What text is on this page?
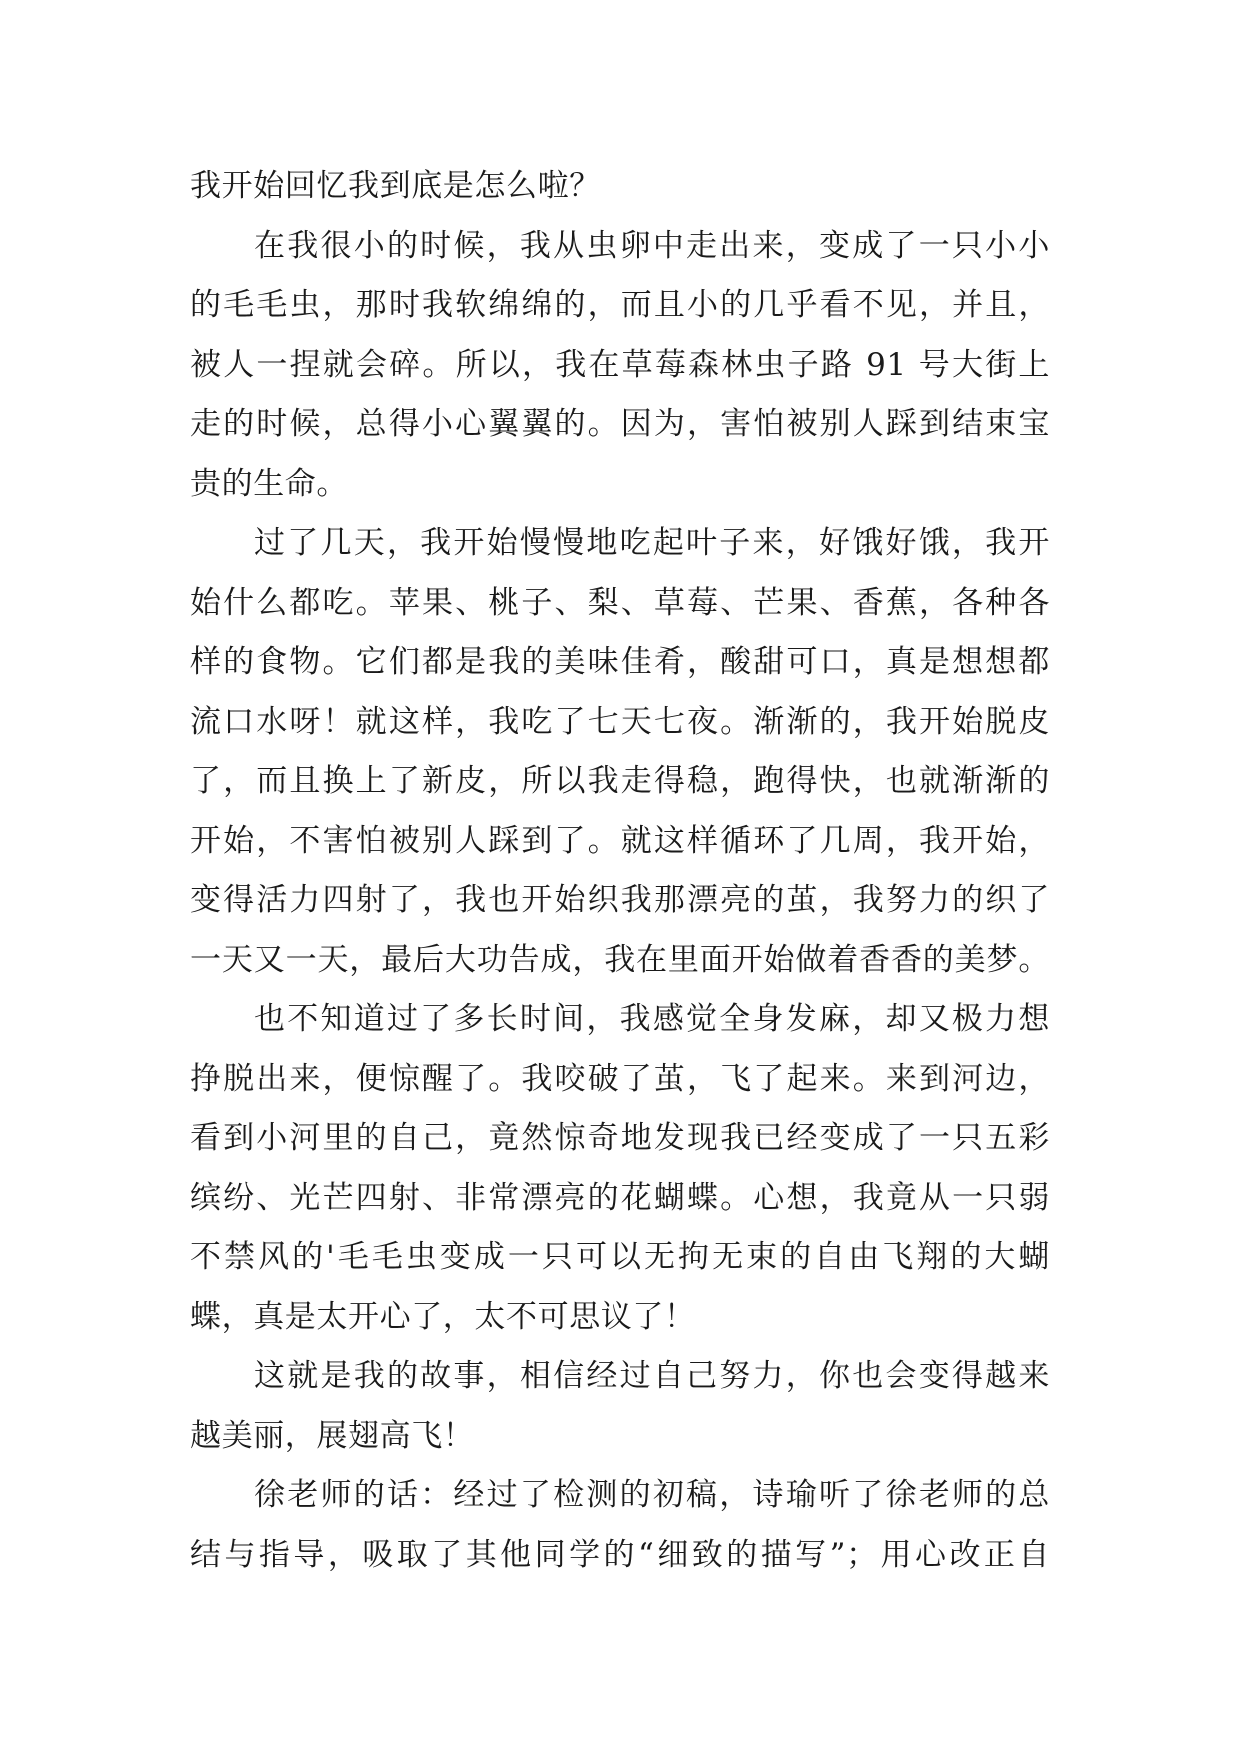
我开始回忆我到底是怎么啦？
在我很小的时候，我从虫卵中走出来，变成了一只小小
的毛毛虫，那时我软绵绵的，而且小的几乎看不见，并且，
被人一捏就会碎。所以，我在草莓森林虫子路 91 号大街上
走的时候，总得小心翼翼的。因为，害怕被别人踩到结束宝
贵的生命。
过了几天，我开始慢慢地吃起叶子来，好饿好饿，我开
始什么都吃。苹果、桃子、梨、草莓、芒果、香蕉，各种各
样的食物。它们都是我的美味佳肴，酸甜可口，真是想想都
流口水呀！就这样，我吃了七天七夜。渐渐的，我开始脱皮
了，而且换上了新皮，所以我走得稳，跑得快，也就渐渐的
开始，不害怕被别人踩到了。就这样循环了几周，我开始，
变得活力四射了，我也开始织我那漂亮的茧，我努力的织了
一天又一天，最后大功告成，我在里面开始做着香香的美梦。
也不知道过了多长时间，我感觉全身发麻，却又极力想
挣脱出来，便惊醒了。我咬破了茧，飞了起来。来到河边，
看到小河里的自己，竟然惊奇地发现我已经变成了一只五彩
缤纷、光芒四射、非常漂亮的花蝴蝶。心想，我竟从一只弱
不禁风的'毛毛虫变成一只可以无拘无束的自由飞翔的大蝴
蝶，真是太开心了，太不可思议了！
这就是我的故事，相信经过自己努力，你也会变得越来
越美丽，展翅高飞！
徐老师的话：经过了检测的初稿，诗瑜听了徐老师的总
结与指导，吸取了其他同学的“细致的描写”；用心改正自
